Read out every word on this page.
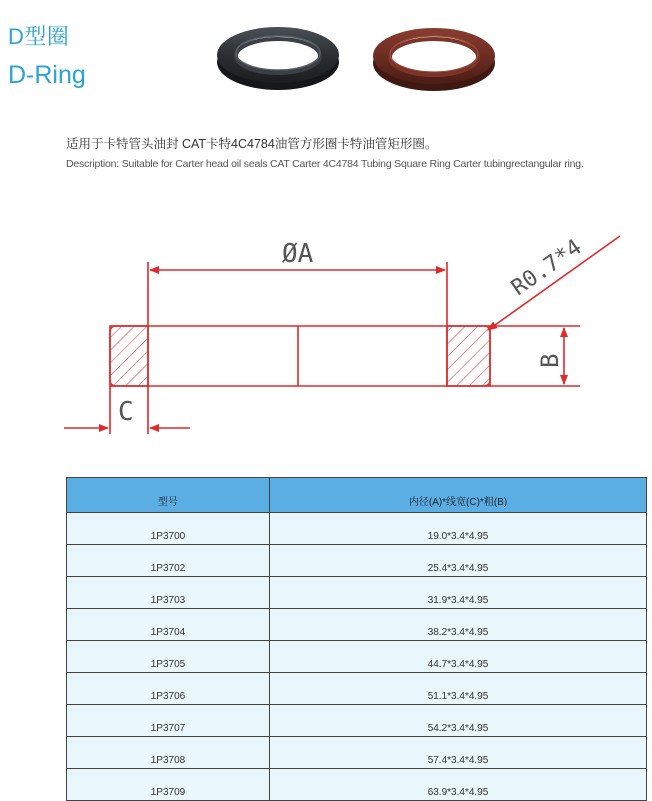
D型圈
D-Ring
适用于卡特管头油封 CAT卡特4C4784油管方形圈卡特油管矩形圈。
Description: Suitable for Carter head oil seals CAT Carter 4C4784 Tubing Square Ring Carter tubingrectangular ring.
ØA
B
C
R0.7*4
型号	内径(A)*线宽(C)*粗(B)
1P3700	19.0*3.4*4.95
1P3702	25.4*3.4*4.95
1P3703	31.9*3.4*4.95
1P3704	38.2*3.4*4.95
1P3705	44.7*3.4*4.95
1P3706	51.1*3.4*4.95
1P3707	54.2*3.4*4.95
1P3708	57.4*3.4*4.95
1P3709	63.9*3.4*4.95
